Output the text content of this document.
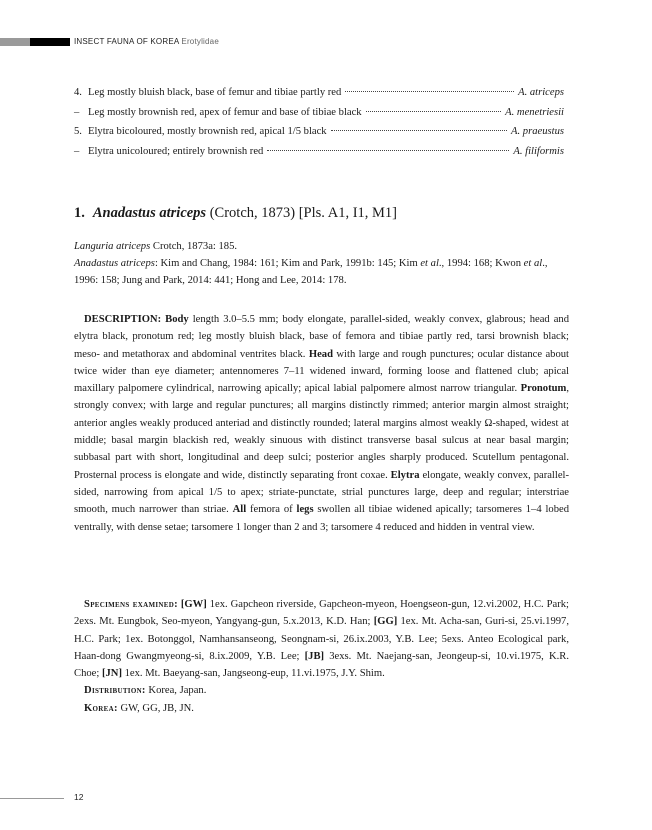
INSECT FAUNA OF KOREA Erotylidae
4. Leg mostly bluish black, base of femur and tibiae partly red	A. atriceps
– Leg mostly brownish red, apex of femur and base of tibiae black	A. menetriesii
5. Elytra bicoloured, mostly brownish red, apical 1/5 black	A. praeustus
– Elytra unicoloured; entirely brownish red	A. filiformis
1. Anadastus atriceps (Crotch, 1873) [Pls. A1, I1, M1]
Languria atriceps Crotch, 1873a: 185.
Anadastus atriceps: Kim and Chang, 1984: 161; Kim and Park, 1991b: 145; Kim et al., 1994: 168; Kwon et al., 1996: 158; Jung and Park, 2014: 441; Hong and Lee, 2014: 178.
DESCRIPTION: Body length 3.0–5.5 mm; body elongate, parallel-sided, weakly convex, glabrous; head and elytra black, pronotum red; leg mostly bluish black, base of femora and tibiae partly red, tarsi brownish black; meso- and metathorax and abdominal ventrites black. Head with large and rough punctures; ocular distance about twice wider than eye diameter; antennomeres 7–11 widened inward, forming loose and flattened club; apical maxillary palpomere cylindrical, narrowing apically; apical labial palpomere almost narrow triangular. Pronotum, strongly convex; with large and regular punctures; all margins distinctly rimmed; anterior margin almost straight; anterior angles weakly produced anteriad and distinctly rounded; lateral margins almost weakly Ω-shaped, widest at middle; basal margin blackish red, weakly sinuous with distinct transverse basal sulcus at near basal margin; subbasal part with short, longitudinal and deep sulci; posterior angles sharply produced. Scutellum pentagonal. Prosternal process is elongate and wide, distinctly separating front coxae. Elytra elongate, weakly convex, parallel-sided, narrowing from apical 1/5 to apex; striate-punctate, strial punctures large, deep and regular; interstriae smooth, much narrower than striae. All femora of legs swollen all tibiae widened apically; tarsomeres 1–4 lobed ventrally, with dense setae; tarsomere 1 longer than 2 and 3; tarsomere 4 reduced and hidden in ventral view.
Specimens examined: [GW] 1ex. Gapcheon riverside, Gapcheon-myeon, Hoengseon-gun, 12.vi.2002, H.C. Park; 2exs. Mt. Eungbok, Seo-myeon, Yangyang-gun, 5.x.2013, K.D. Han; [GG] 1ex. Mt. Acha-san, Guri-si, 25.vi.1997, H.C. Park; 1ex. Botonggol, Namhansanseong, Seongnam-si, 26.ix.2003, Y.B. Lee; 5exs. Anteo Ecological park, Haan-dong Gwangmyeong-si, 8.ix.2009, Y.B. Lee; [JB] 3exs. Mt. Naejang-san, Jeongeup-si, 10.vi.1975, K.R. Choe; [JN] 1ex. Mt. Baeyang-san, Jangseong-eup, 11.vi.1975, J.Y. Shim.
Distribution: Korea, Japan.
Korea: GW, GG, JB, JN.
12
